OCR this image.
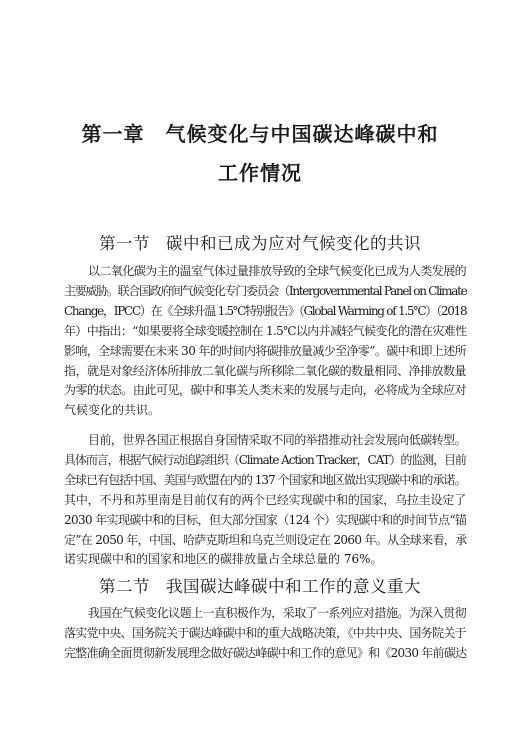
第一章　气候变化与中国碳达峰碳中和
工作情况
第一节 碳中和已成为应对气候变化的共识
以二氧化碳为主的温室气体过量排放导致的全球气候变化已成为人类发展的
主要威胁。联合国政府间气候变化专门委员会（Intergovernmental Panel on Climate
Change，IPCC）在《全球升温 1.5℃特别报告》（Global Warming of 1.5℃）（2018
年）中指出：“如果要将全球变暖控制在 1.5℃以内并减轻气候变化的潜在灾难性
影响，全球需要在未来 30 年的时间内将碳排放量减少至净零”。碳中和即上述所
指，就是对象经济体所排放二氧化碳与所移除二氧化碳的数量相同、净排放数量
为零的状态。由此可见，碳中和事关人类未来的发展与走向，必将成为全球应对
气候变化的共识。
目前，世界各国正根据自身国情采取不同的举措推动社会发展向低碳转型。
具体而言，根据气候行动追踪组织（Climate Action Tracker，CAT）的监测，目前
全球已有包括中国、美国与欧盟在内的 137 个国家和地区做出实现碳中和的承诺。
其中，不丹和苏里南是目前仅有的两个已经实现碳中和的国家，乌拉圭设定了
2030 年实现碳中和的目标，但大部分国家（124 个）实现碳中和的时间节点“锚
定”在 2050 年，中国、哈萨克斯坦和乌克兰则设定在 2060 年。从全球来看，承
诺实现碳中和的国家和地区的碳排放量占全球总量的 76%。
第二节 我国碳达峰碳中和工作的意义重大
我国在气候变化议题上一直积极作为，采取了一系列应对措施。为深入贯彻
落实党中央、国务院关于碳达峰碳中和的重大战略决策，《中共中央、国务院关于
完整准确全面贯彻新发展理念做好碳达峰碳中和工作的意见》和《2030 年前碳达
